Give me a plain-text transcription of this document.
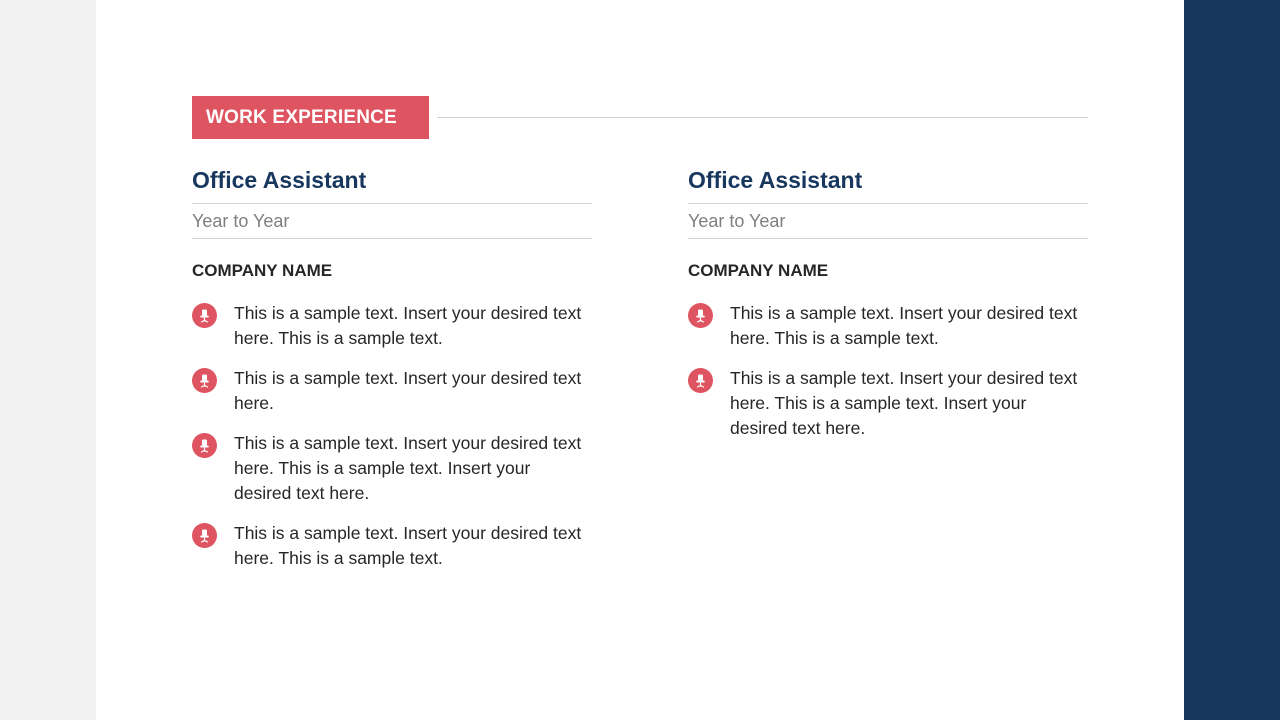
WORK EXPERIENCE
Office Assistant
Year to Year
COMPANY NAME
This is a sample text. Insert your desired text here. This is a sample text.
This is a sample text. Insert your desired text here.
This is a sample text. Insert your desired text here. This is a sample text. Insert your desired text here.
This is a sample text. Insert your desired text here. This is a sample text.
Office Assistant
Year to Year
COMPANY NAME
This is a sample text. Insert your desired text here. This is a sample text.
This is a sample text. Insert your desired text here. This is a sample text. Insert your desired text here.
